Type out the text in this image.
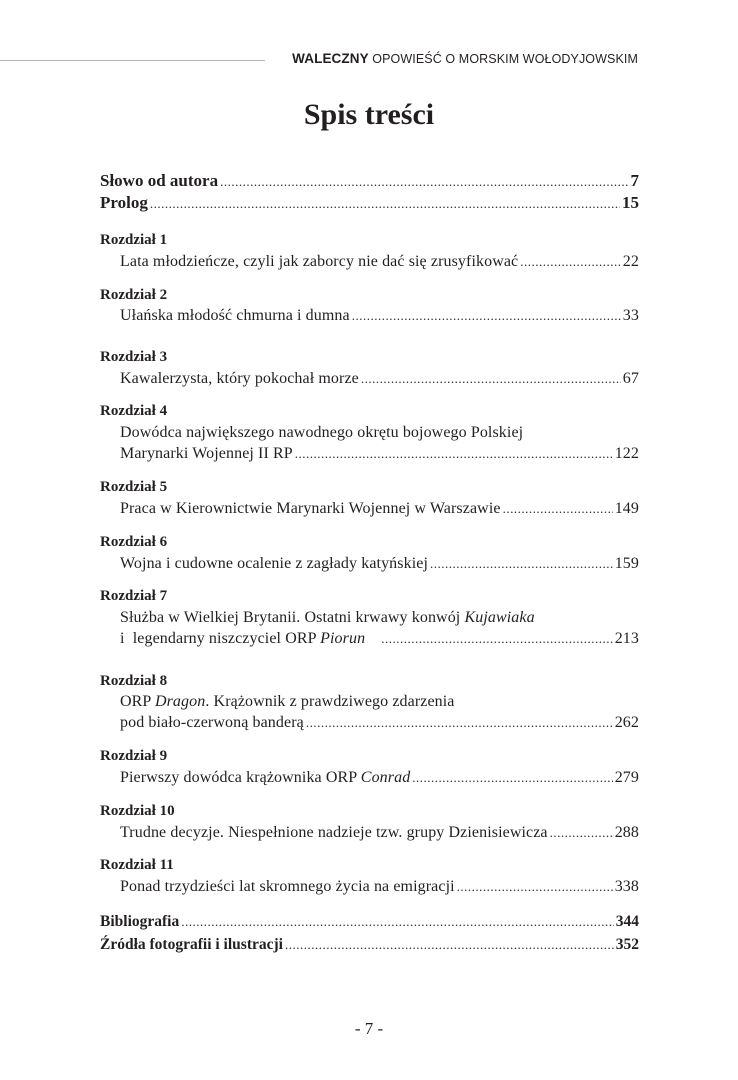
WALECZNY OPOWIEŚĆ O MORSKIM WOŁODYJOWSKIM
Spis treści
Słowo od autora .....	7
Prolog .....	15
Rozdział 1
Lata młodzieńcze, czyli jak zaborcy nie dać się zrusyfikować .....	22
Rozdział 2
Ułańska młodość chmurna i dumna .....	33
Rozdział 3
Kawalerzysta, który pokochał morze .....	67
Rozdział 4
Dowódca największego nawodnego okrętu bojowego Polskiej
Marynarki Wojennej II RP .....	122
Rozdział 5
Praca w Kierownictwie Marynarki Wojennej w Warszawie .....	149
Rozdział 6
Wojna i cudowne ocalenie z zagłady katyńskiej .....	159
Rozdział 7
Służba w Wielkiej Brytanii. Ostatni krwawy konwój Kujawiaka
i  legendarny niszczyciel ORP Piorun .....	213
Rozdział 8
ORP Dragon. Krążownik z prawdziwego zdarzenia
pod biało-czerwoną banderą .....	262
Rozdział 9
Pierwszy dowódca krążownika ORP Conrad .....	279
Rozdział 10
Trudne decyzje. Niespełnione nadzieje tzw. grupy Dzienisiewicza .....	288
Rozdział 11
Ponad trzydzieści lat skromnego życia na emigracji .....	338
Bibliografia .....	344
Źródła fotografii i ilustracji .....	352
- 7 -
